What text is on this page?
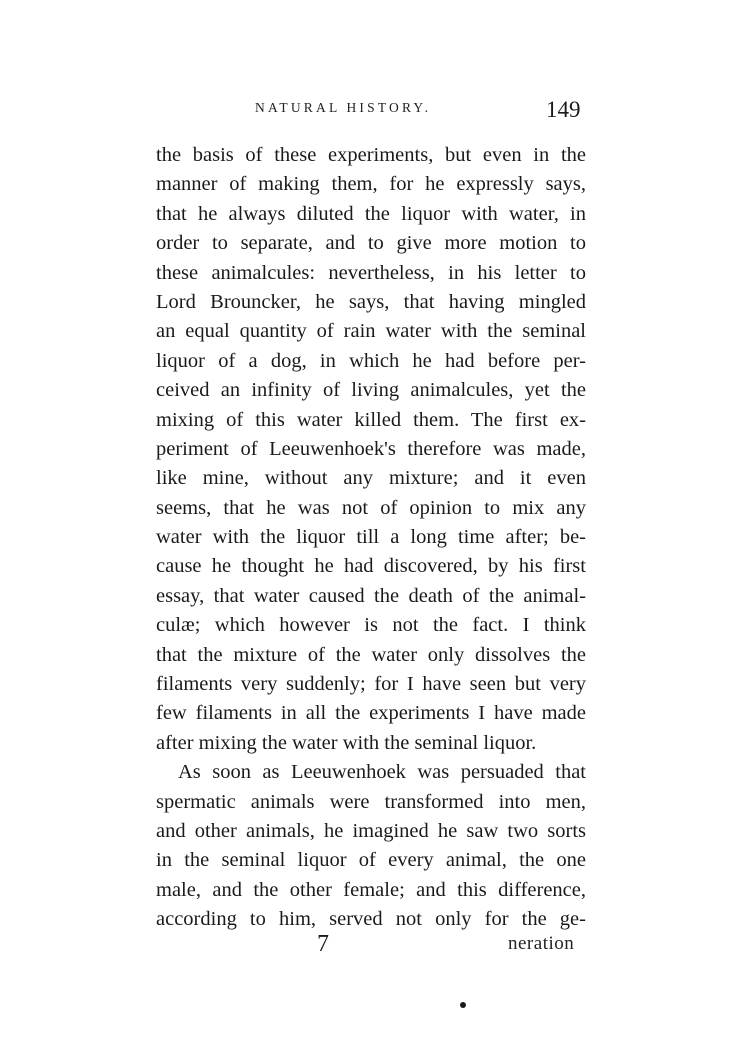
NATURAL HISTORY.	149
the basis of these experiments, but even in the
manner of making them, for he expressly says,
that he always diluted the liquor with water, in
order to separate, and to give more motion to
these animalcules: nevertheless, in his letter to
Lord Brouncker, he says, that having mingled
an equal quantity of rain water with the seminal
liquor of a dog, in which he had before per-
ceived an infinity of living animalcules, yet the
mixing of this water killed them. The first ex-
periment of Leeuwenhoek's therefore was made,
like mine, without any mixture; and it even
seems, that he was not of opinion to mix any
water with the liquor till a long time after; be-
cause he thought he had discovered, by his first
essay, that water caused the death of the animal-
culæ; which however is not the fact. I think
that the mixture of the water only dissolves the
filaments very suddenly; for I have seen but very
few filaments in all the experiments I have made
after mixing the water with the seminal liquor.
As soon as Leeuwenhoek was persuaded that
spermatic animals were transformed into men,
and other animals, he imagined he saw two sorts
in the seminal liquor of every animal, the one
male, and the other female; and this difference,
according to him, served not only for the ge-
7	neration
